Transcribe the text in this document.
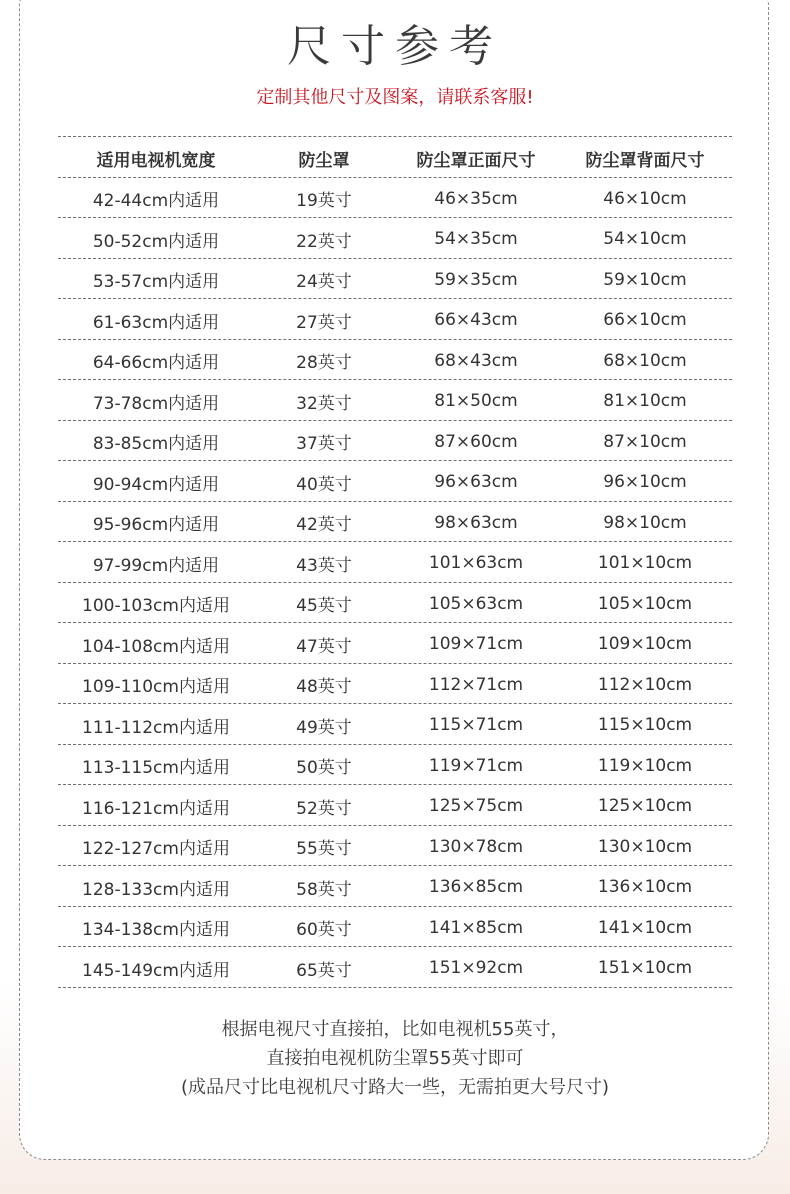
尺寸参考
定制其他尺寸及图案，请联系客服!
适用电视机宽度	防尘罩	防尘罩正面尺寸	防尘罩背面尺寸
42-44cm内适用	19英寸	46×35cm	46×10cm
50-52cm内适用	22英寸	54×35cm	54×10cm
53-57cm内适用	24英寸	59×35cm	59×10cm
61-63cm内适用	27英寸	66×43cm	66×10cm
64-66cm内适用	28英寸	68×43cm	68×10cm
73-78cm内适用	32英寸	81×50cm	81×10cm
83-85cm内适用	37英寸	87×60cm	87×10cm
90-94cm内适用	40英寸	96×63cm	96×10cm
95-96cm内适用	42英寸	98×63cm	98×10cm
97-99cm内适用	43英寸	101×63cm	101×10cm
100-103cm内适用	45英寸	105×63cm	105×10cm
104-108cm内适用	47英寸	109×71cm	109×10cm
109-110cm内适用	48英寸	112×71cm	112×10cm
111-112cm内适用	49英寸	115×71cm	115×10cm
113-115cm内适用	50英寸	119×71cm	119×10cm
116-121cm内适用	52英寸	125×75cm	125×10cm
122-127cm内适用	55英寸	130×78cm	130×10cm
128-133cm内适用	58英寸	136×85cm	136×10cm
134-138cm内适用	60英寸	141×85cm	141×10cm
145-149cm内适用	65英寸	151×92cm	151×10cm
根据电视尺寸直接拍，比如电视机55英寸，
直接拍电视机防尘罩55英寸即可
(成品尺寸比电视机尺寸路大一些，无需拍更大号尺寸)
